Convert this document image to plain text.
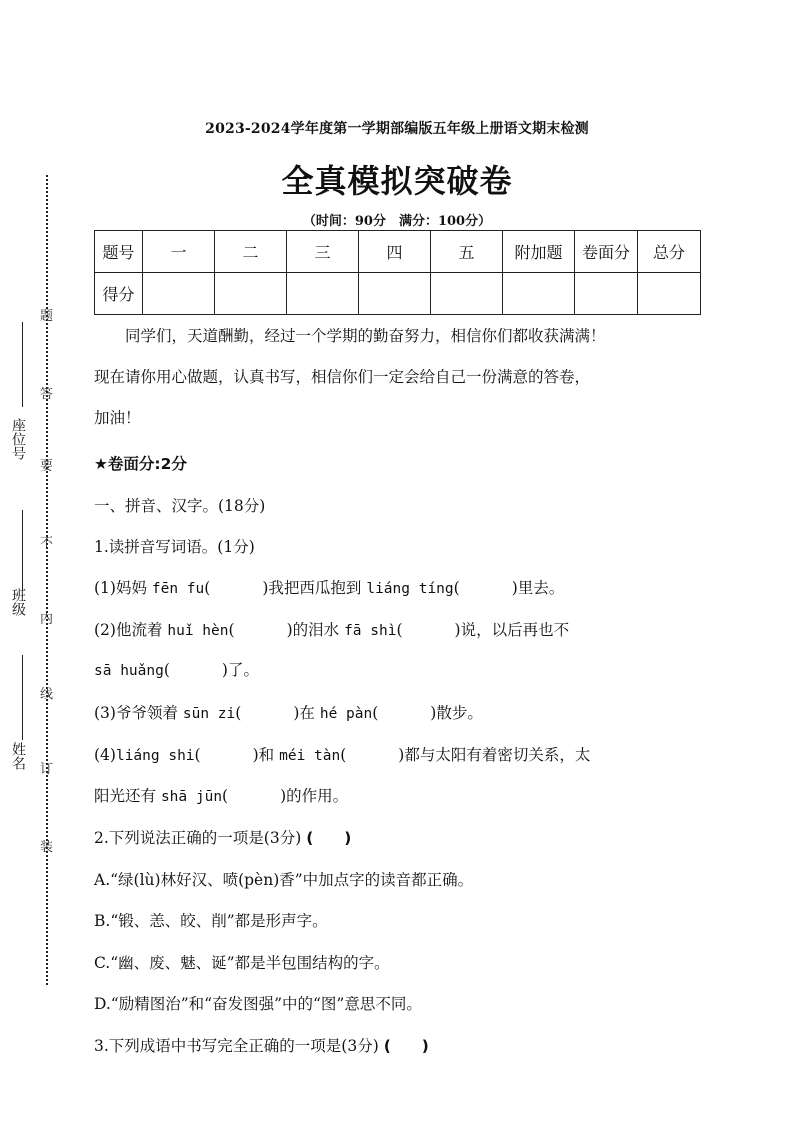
座位号
班级
姓名
题
答
要
不
内
线
订
装
2023-2024学年度第一学期部编版五年级上册语文期末检测
全真模拟突破卷
（时间：90分　满分：100分）
题号	一	二	三	四	五	附加题	卷面分	总分
得分								
同学们，天道酬勤，经过一个学期的勤奋努力，相信你们都收获满满！
现在请你用心做题，认真书写，相信你们一定会给自己一份满意的答卷，
加油！
★卷面分:2分
一、拼音、汉字。(18分)
1.读拼音写词语。(1分)
(1)妈妈 fēn fu(	)我把西瓜抱到 liáng tíng(	)里去。
(2)他流着 huǐ hèn(	)的泪水 fā shì(	)说，以后再也不
sā huǎng(	)了。
(3)爷爷领着 sūn zi(	)在 hé pàn(	)散步。
(4)liáng shi(	)和 méi tàn(	)都与太阳有着密切关系，太
阳光还有 shā jūn(	)的作用。
2.下列说法正确的一项是(3分) (　　)
A.“绿(lù)林好汉、喷(pèn)香”中加点字的读音都正确。
B.“锻、恙、皎、削”都是形声字。
C.“幽、废、魅、诞”都是半包围结构的字。
D.“励精图治”和“奋发图强”中的“图”意思不同。
3.下列成语中书写完全正确的一项是(3分) (　　)
